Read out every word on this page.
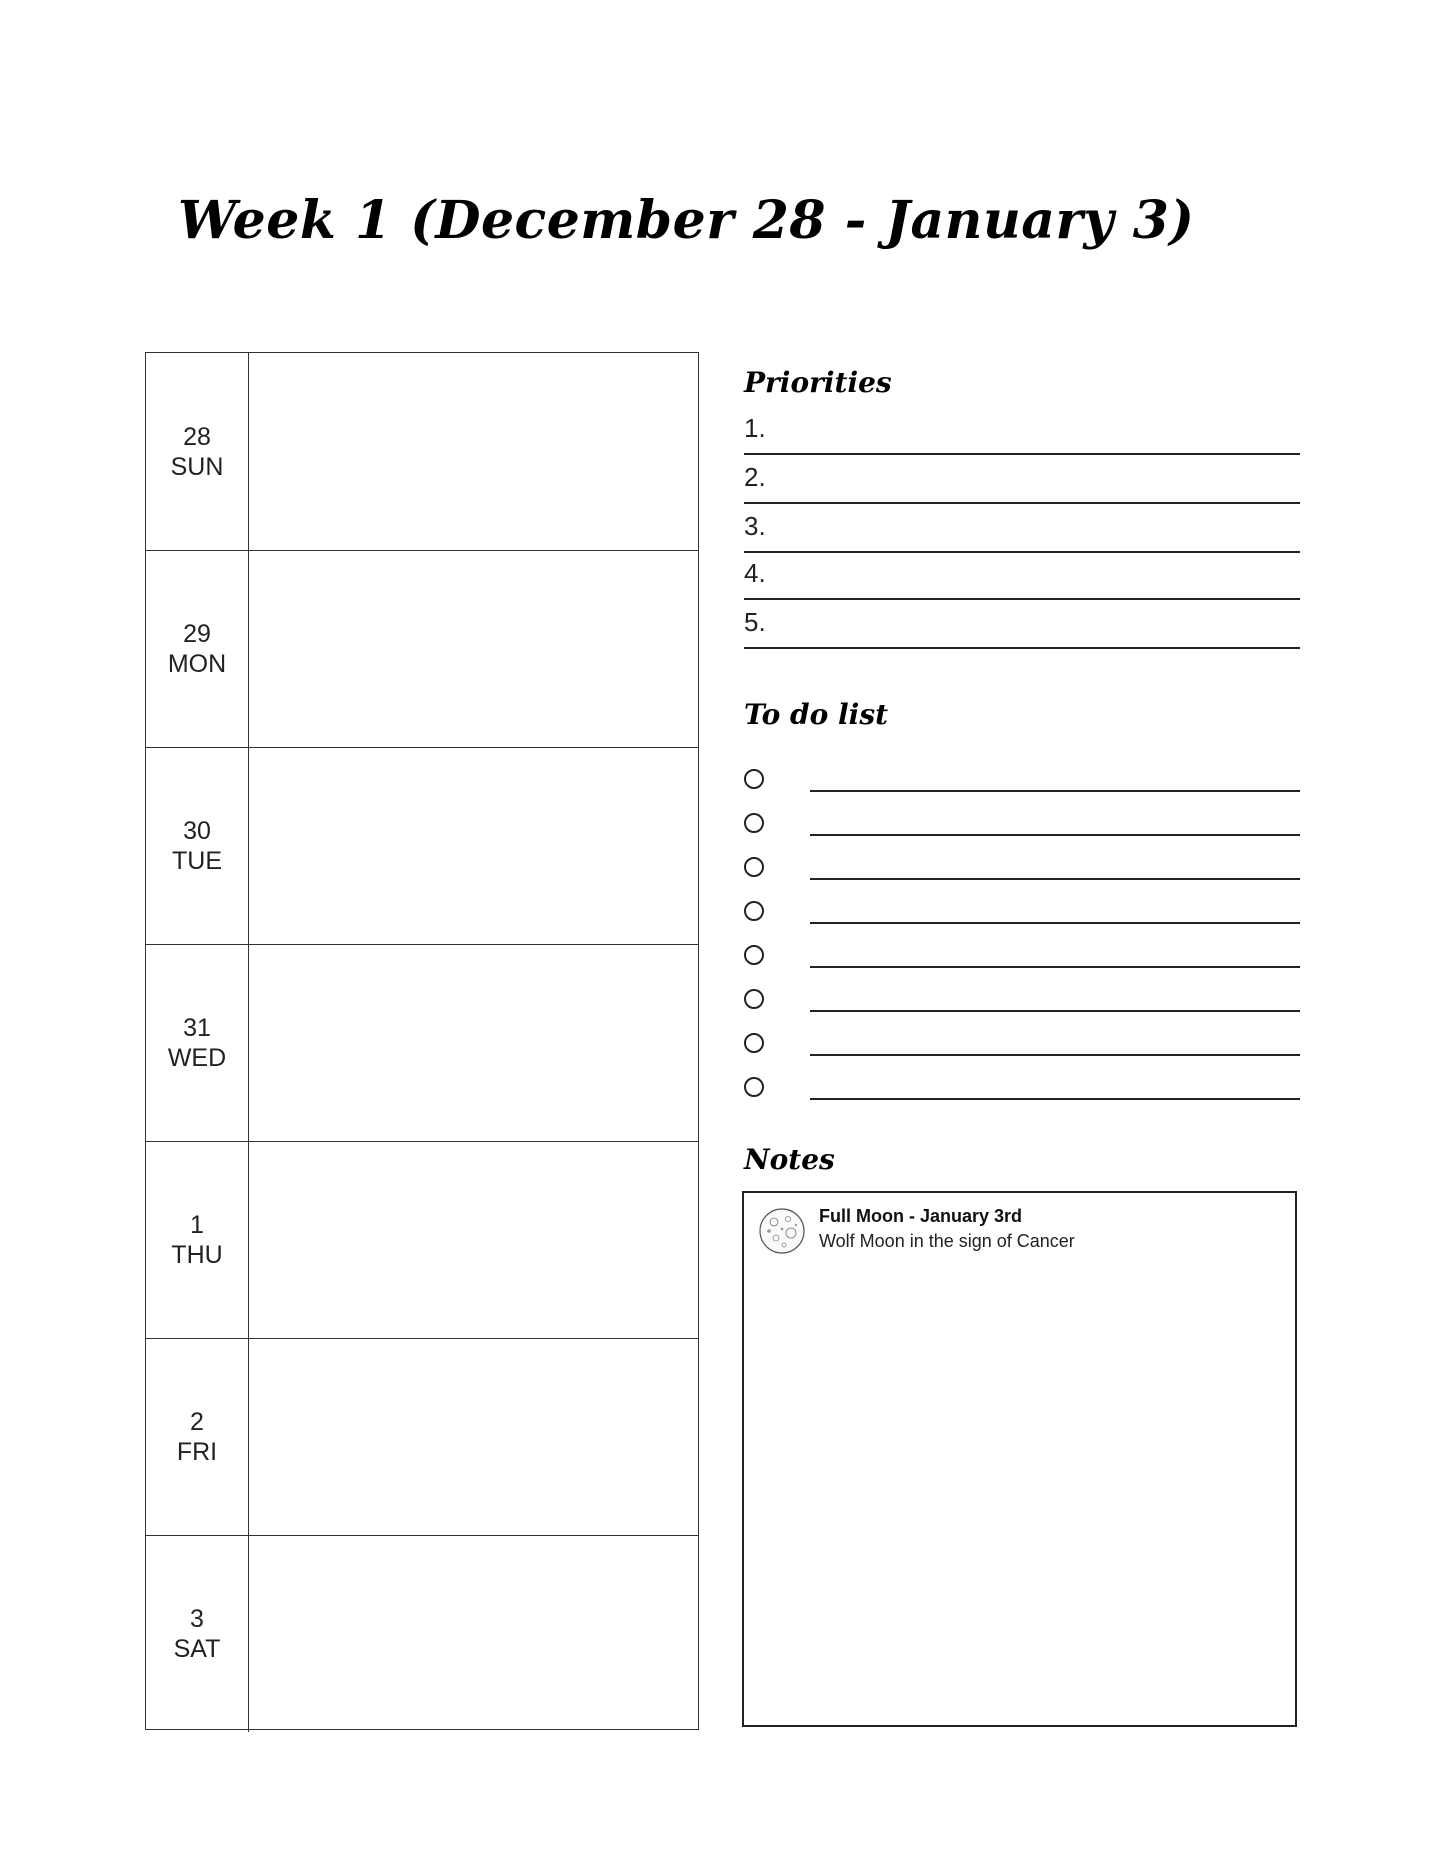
Week 1 (December 28 - January 3)
28
SUN
29
MON
30
TUE
31
WED
1
THU
2
FRI
3
SAT
Priorities
1.
2.
3.
4.
5.
To do list
Notes
Full Moon - January 3rd
Wolf Moon in the sign of Cancer
